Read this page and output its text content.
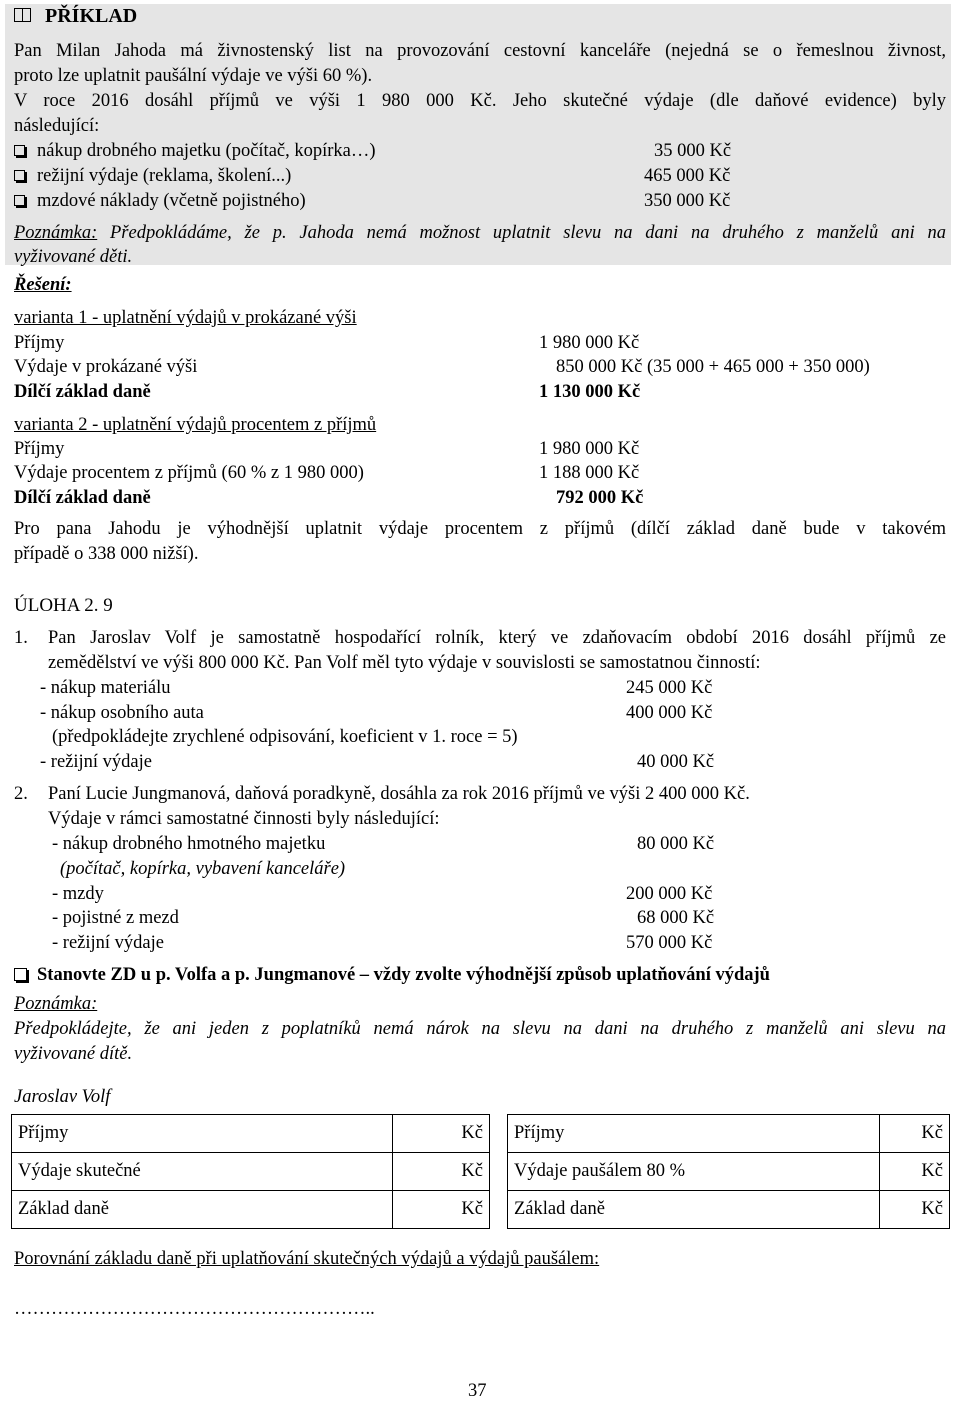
PŘÍKLAD
Pan Milan Jahoda má živnostenský list na provozování cestovní kanceláře (nejedná se o řemeslnou živnost,
proto lze uplatnit paušální výdaje ve výši 60 %).
V roce 2016 dosáhl příjmů ve výši 1 980 000 Kč. Jeho skutečné výdaje (dle daňové evidence) byly
následující:
nákup drobného majetku (počítač, kopírka…)	35 000 Kč
režijní výdaje (reklama, školení...)	465 000 Kč
mzdové náklady (včetně pojistného)	350 000 Kč
Poznámka: Předpokládáme, že p. Jahoda nemá možnost uplatnit slevu na dani na druhého z manželů ani na
vyživované děti.
Řešení:
varianta 1 - uplatnění výdajů v prokázané výši
Příjmy	1 980 000 Kč
Výdaje v prokázané výši	850 000 Kč (35 000 + 465 000 + 350 000)
Dílčí základ daně	1 130 000 Kč
varianta 2 - uplatnění výdajů procentem z příjmů
Příjmy	1 980 000 Kč
Výdaje procentem z příjmů (60 % z 1 980 000)	1 188 000 Kč
Dílčí základ daně	792 000 Kč
Pro pana Jahodu je výhodnější uplatnit výdaje procentem z příjmů (dílčí základ daně bude v takovém
případě o 338 000 nižší).
ÚLOHA 2. 9
1. Pan Jaroslav Volf je samostatně hospodařící rolník, který ve zdaňovacím období 2016 dosáhl příjmů ze
zemědělství ve výši 800 000 Kč. Pan Volf měl tyto výdaje v souvislosti se samostatnou činností:
- nákup materiálu	245 000 Kč
- nákup osobního auta	400 000 Kč
(předpokládejte zrychlené odpisování, koeficient v 1. roce = 5)
- režijní výdaje	40 000 Kč
2. Paní Lucie Jungmanová, daňová poradkyně, dosáhla za rok 2016 příjmů ve výši 2 400 000 Kč.
Výdaje v rámci samostatné činnosti byly následující:
- nákup drobného hmotného majetku	80 000 Kč
(počítač, kopírka, vybavení kanceláře)
- mzdy	200 000 Kč
- pojistné z mezd	68 000 Kč
- režijní výdaje	570 000 Kč
Stanovte ZD u p. Volfa a p. Jungmanové – vždy zvolte výhodnější způsob uplatňování výdajů
Poznámka:
Předpokládejte, že ani jeden z poplatníků nemá nárok na slevu na dani na druhého z manželů ani slevu na
vyživované dítě.
Jaroslav Volf
Příjmy	Kč
Výdaje skutečné	Kč
Základ daně	Kč
Příjmy	Kč
Výdaje paušálem 80 %	Kč
Základ daně	Kč
Porovnání základu daně při uplatňování skutečných výdajů a výdajů paušálem:
…………………………………………………..
37
